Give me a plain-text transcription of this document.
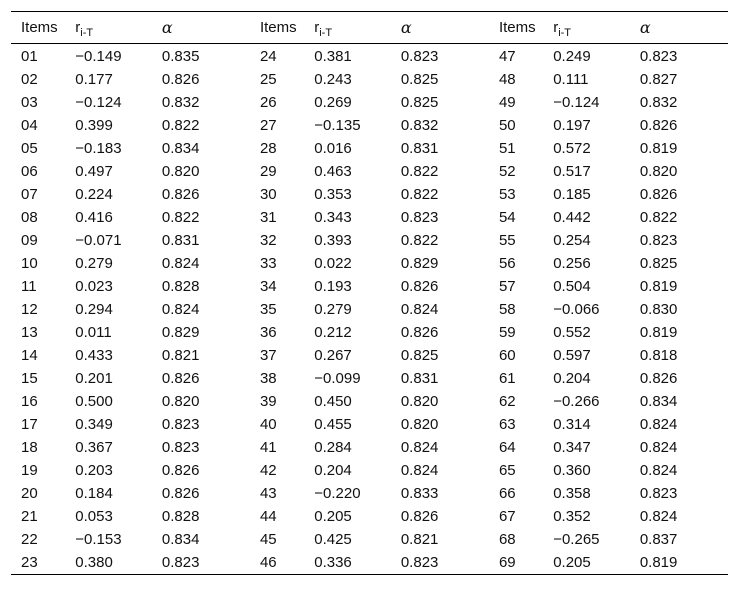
Items	$r_{i-T}$	α	Items	$r_{i-T}$	α	Items	$r_{i-T}$	α
01	−0.149	0.835	24	0.381	0.823	47	0.249	0.823
02	0.177	0.826	25	0.243	0.825	48	0.111	0.827
03	−0.124	0.832	26	0.269	0.825	49	−0.124	0.832
04	0.399	0.822	27	−0.135	0.832	50	0.197	0.826
05	−0.183	0.834	28	0.016	0.831	51	0.572	0.819
06	0.497	0.820	29	0.463	0.822	52	0.517	0.820
07	0.224	0.826	30	0.353	0.822	53	0.185	0.826
08	0.416	0.822	31	0.343	0.823	54	0.442	0.822
09	−0.071	0.831	32	0.393	0.822	55	0.254	0.823
10	0.279	0.824	33	0.022	0.829	56	0.256	0.825
11	0.023	0.828	34	0.193	0.826	57	0.504	0.819
12	0.294	0.824	35	0.279	0.824	58	−0.066	0.830
13	0.011	0.829	36	0.212	0.826	59	0.552	0.819
14	0.433	0.821	37	0.267	0.825	60	0.597	0.818
15	0.201	0.826	38	−0.099	0.831	61	0.204	0.826
16	0.500	0.820	39	0.450	0.820	62	−0.266	0.834
17	0.349	0.823	40	0.455	0.820	63	0.314	0.824
18	0.367	0.823	41	0.284	0.824	64	0.347	0.824
19	0.203	0.826	42	0.204	0.824	65	0.360	0.824
20	0.184	0.826	43	−0.220	0.833	66	0.358	0.823
21	0.053	0.828	44	0.205	0.826	67	0.352	0.824
22	−0.153	0.834	45	0.425	0.821	68	−0.265	0.837
23	0.380	0.823	46	0.336	0.823	69	0.205	0.819
